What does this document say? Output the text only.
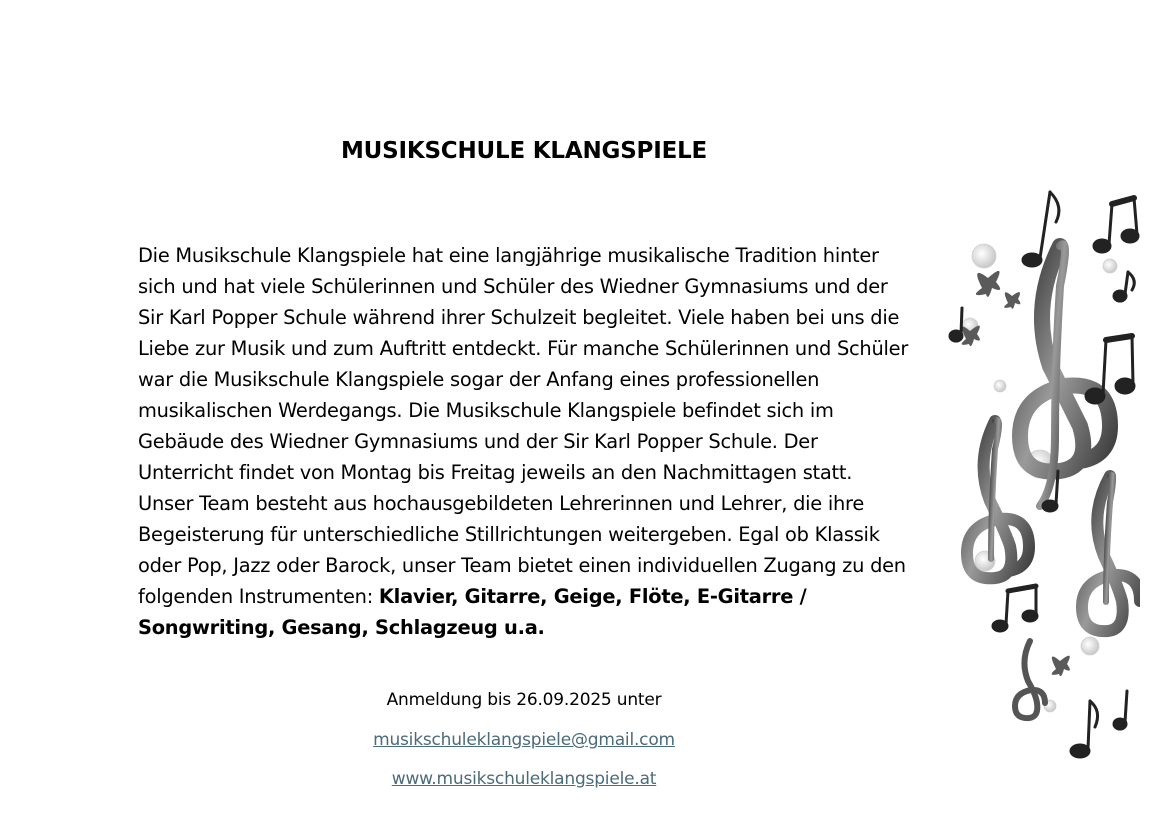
MUSIKSCHULE KLANGSPIELE

Die Musikschule Klangspiele hat eine langjährige musikalische Tradition hinter sich und hat viele Schülerinnen und Schüler des Wiedner Gymnasiums und der Sir Karl Popper Schule während ihrer Schulzeit begleitet. Viele haben bei uns die Liebe zur Musik und zum Auftritt entdeckt. Für manche Schülerinnen und Schüler war die Musikschule Klangspiele sogar der Anfang eines professionellen musikalischen Werdegangs. Die Musikschule Klangspiele befindet sich im Gebäude des Wiedner Gymnasiums und der Sir Karl Popper Schule. Der Unterricht findet von Montag bis Freitag jeweils an den Nachmittagen statt. Unser Team besteht aus hochausgebildeten Lehrerinnen und Lehrer, die ihre Begeisterung für unterschiedliche Stillrichtungen weitergeben. Egal ob Klassik oder Pop, Jazz oder Barock, unser Team bietet einen individuellen Zugang zu den folgenden Instrumenten: Klavier, Gitarre, Geige, Flöte, E-Gitarre / Songwriting, Gesang, Schlagzeug u.a.

Anmeldung bis 26.09.2025 unter

musikschuleklangspiele@gmail.com

www.musikschuleklangspiele.at
